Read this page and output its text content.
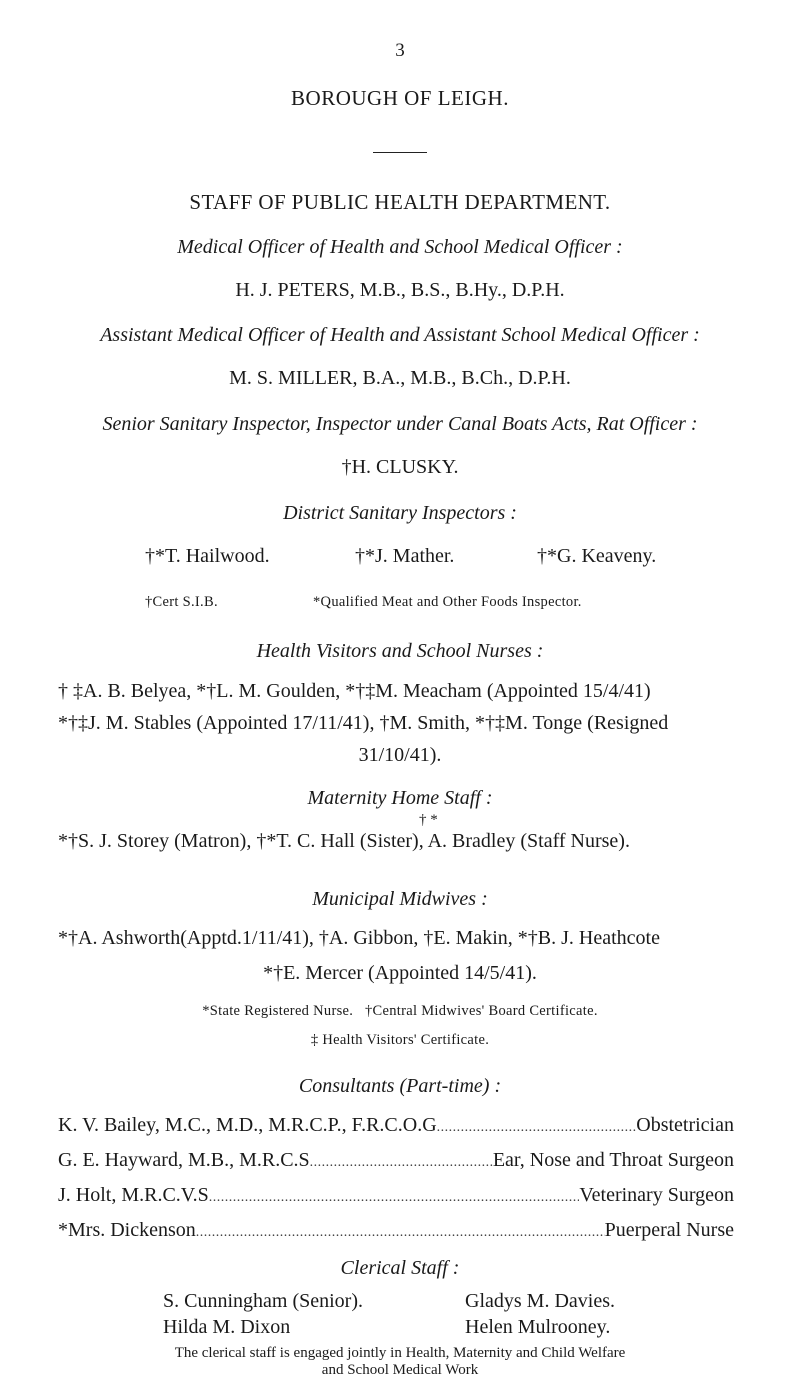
3
BOROUGH OF LEIGH.
STAFF OF PUBLIC HEALTH DEPARTMENT.
Medical Officer of Health and School Medical Officer :
H. J. PETERS, M.B., B.S., B.Hy., D.P.H.
Assistant Medical Officer of Health and Assistant School Medical Officer :
M. S. MILLER, B.A., M.B., B.Ch., D.P.H.
Senior Sanitary Inspector, Inspector under Canal Boats Acts, Rat Officer :
†H. CLUSKY.
District Sanitary Inspectors :
†*T. Hailwood.	†*J. Mather.	†*G. Keaveny.
†Cert S.I.B.	*Qualified Meat and Other Foods Inspector.
Health Visitors and School Nurses :
† ‡A. B. Belyea, *†L. M. Goulden, *†‡M. Meacham (Appointed 15/4/41)
*†‡J. M. Stables (Appointed 17/11/41), †M. Smith, *†‡M. Tonge (Resigned
31/10/41).
Maternity Home Staff :
† *
*†S. J. Storey (Matron), †*T. C. Hall (Sister), A. Bradley (Staff Nurse).
Municipal Midwives :
*†A. Ashworth(Apptd.1/11/41), †A. Gibbon, †E. Makin, *†B. J. Heathcote
*†E. Mercer (Appointed 14/5/41).
*State Registered Nurse.   †Central Midwives' Board Certificate.
‡ Health Visitors' Certificate.
Consultants (Part-time) :
K. V. Bailey, M.C., M.D., M.R.C.P., F.R.C.O.G .....	Obstetrician
G. E. Hayward, M.B., M.R.C.S .....	Ear, Nose and Throat Surgeon
J. Holt, M.R.C.V.S .....	Veterinary Surgeon
*Mrs. Dickenson .....	Puerperal Nurse
Clerical Staff :
S. Cunningham (Senior).	Gladys M. Davies.
Hilda M. Dixon	Helen Mulrooney.
The clerical staff is engaged jointly in Health, Maternity and Child Welfare
and School Medical Work
